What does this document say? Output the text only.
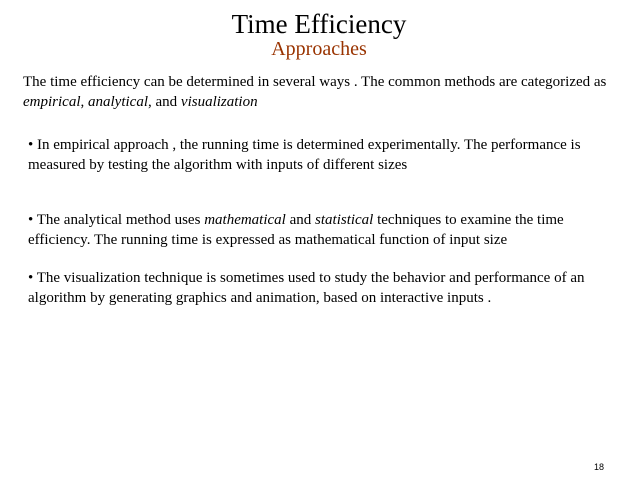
Time Efficiency
Approaches
The time efficiency can be determined in several ways . The common methods are categorized as empirical, analytical, and visualization
• In empirical approach , the running time is determined experimentally. The performance is measured by testing the algorithm with inputs of different sizes
• The analytical method uses mathematical and statistical techniques to examine the time efficiency. The running time is expressed as mathematical function of input size
• The visualization technique is sometimes used to study the behavior and performance of an algorithm by generating graphics and animation, based on interactive inputs .
18
